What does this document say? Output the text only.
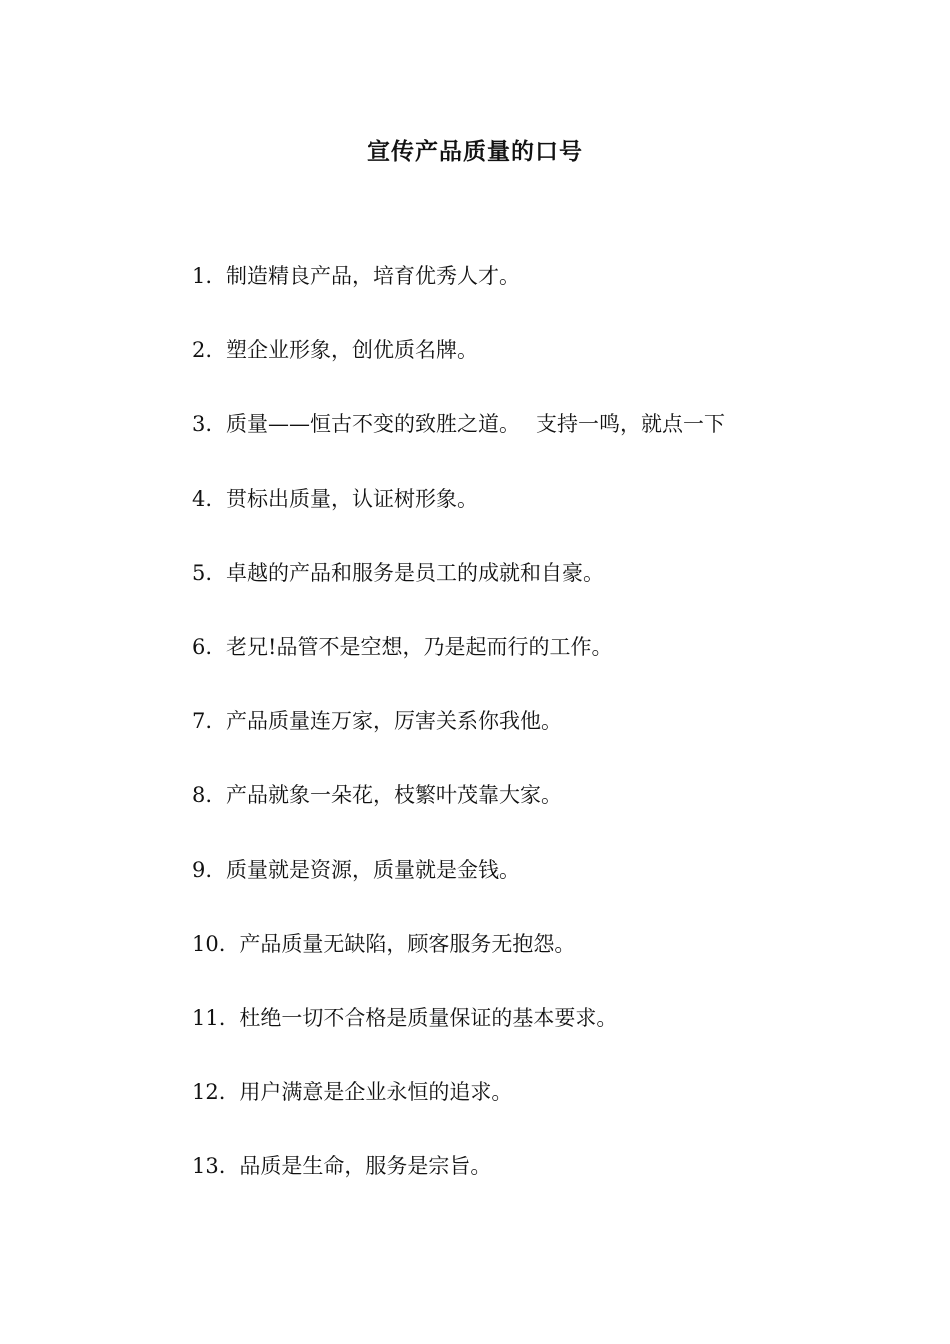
宣传产品质量的口号
1. 制造精良产品，培育优秀人才。
2. 塑企业形象，创优质名牌。
3. 质量——恒古不变的致胜之道。 支持一鸣，就点一下
4. 贯标出质量，认证树形象。
5. 卓越的产品和服务是员工的成就和自豪。
6. 老兄!品管不是空想，乃是起而行的工作。
7. 产品质量连万家，厉害关系你我他。
8. 产品就象一朵花，枝繁叶茂靠大家。
9. 质量就是资源，质量就是金钱。
10. 产品质量无缺陷，顾客服务无抱怨。
11. 杜绝一切不合格是质量保证的基本要求。
12. 用户满意是企业永恒的追求。
13. 品质是生命，服务是宗旨。
